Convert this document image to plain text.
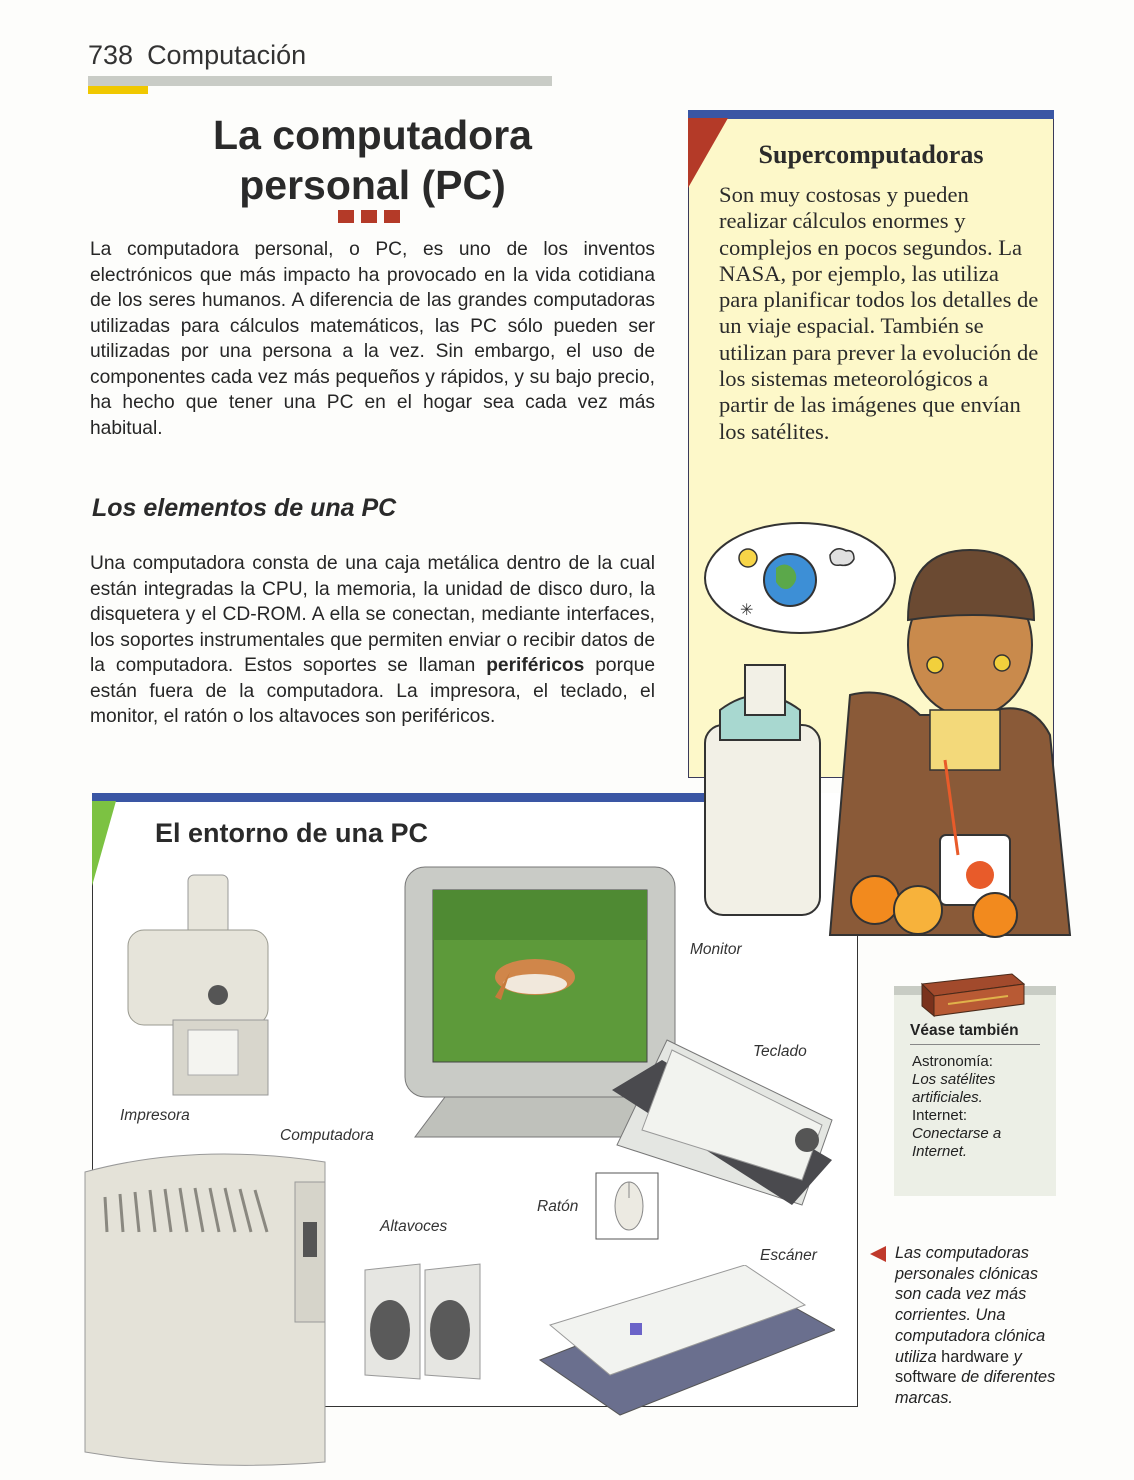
738 Computación
La computadora
personal (PC)
La computadora personal, o PC, es uno de los inventos electrónicos que más impacto ha provocado en la vida cotidiana de los seres humanos. A diferencia de las grandes computadoras utilizadas para cálculos matemáticos, las PC sólo pueden ser utilizadas por una persona a la vez. Sin embargo, el uso de componentes cada vez más pequeños y rápidos, y su bajo precio, ha hecho que tener una PC en el hogar sea cada vez más habitual.
Los elementos de una PC
Una computadora consta de una caja metálica dentro de la cual están integradas la CPU, la memoria, la unidad de disco duro, la disquetera y el CD-ROM. A ella se conectan, mediante interfaces, los soportes instrumentales que permiten enviar o recibir datos de la computadora. Estos soportes se llaman periféricos porque están fuera de la computadora. La impresora, el teclado, el monitor, el ratón o los altavoces son periféricos.
Supercomputadoras
Son muy costosas y pueden realizar cálculos enormes y complejos en pocos segundos. La NASA, por ejemplo, las utiliza para planificar todos los detalles de un viaje espacial. También se utilizan para prever la evolución de los sistemas meteorológicos a partir de las imágenes que envían los satélites.
El entorno de una PC
✳
Impresora
Monitor
Teclado
Computadora
Ratón
Altavoces
Escáner
Véase también
Astronomía:
Los satélites
artificiales.
Internet:
Conectarse a
Internet.
Las computadoras personales clónicas son cada vez más corrientes. Una computadora clónica utiliza hardware y software de diferentes marcas.
